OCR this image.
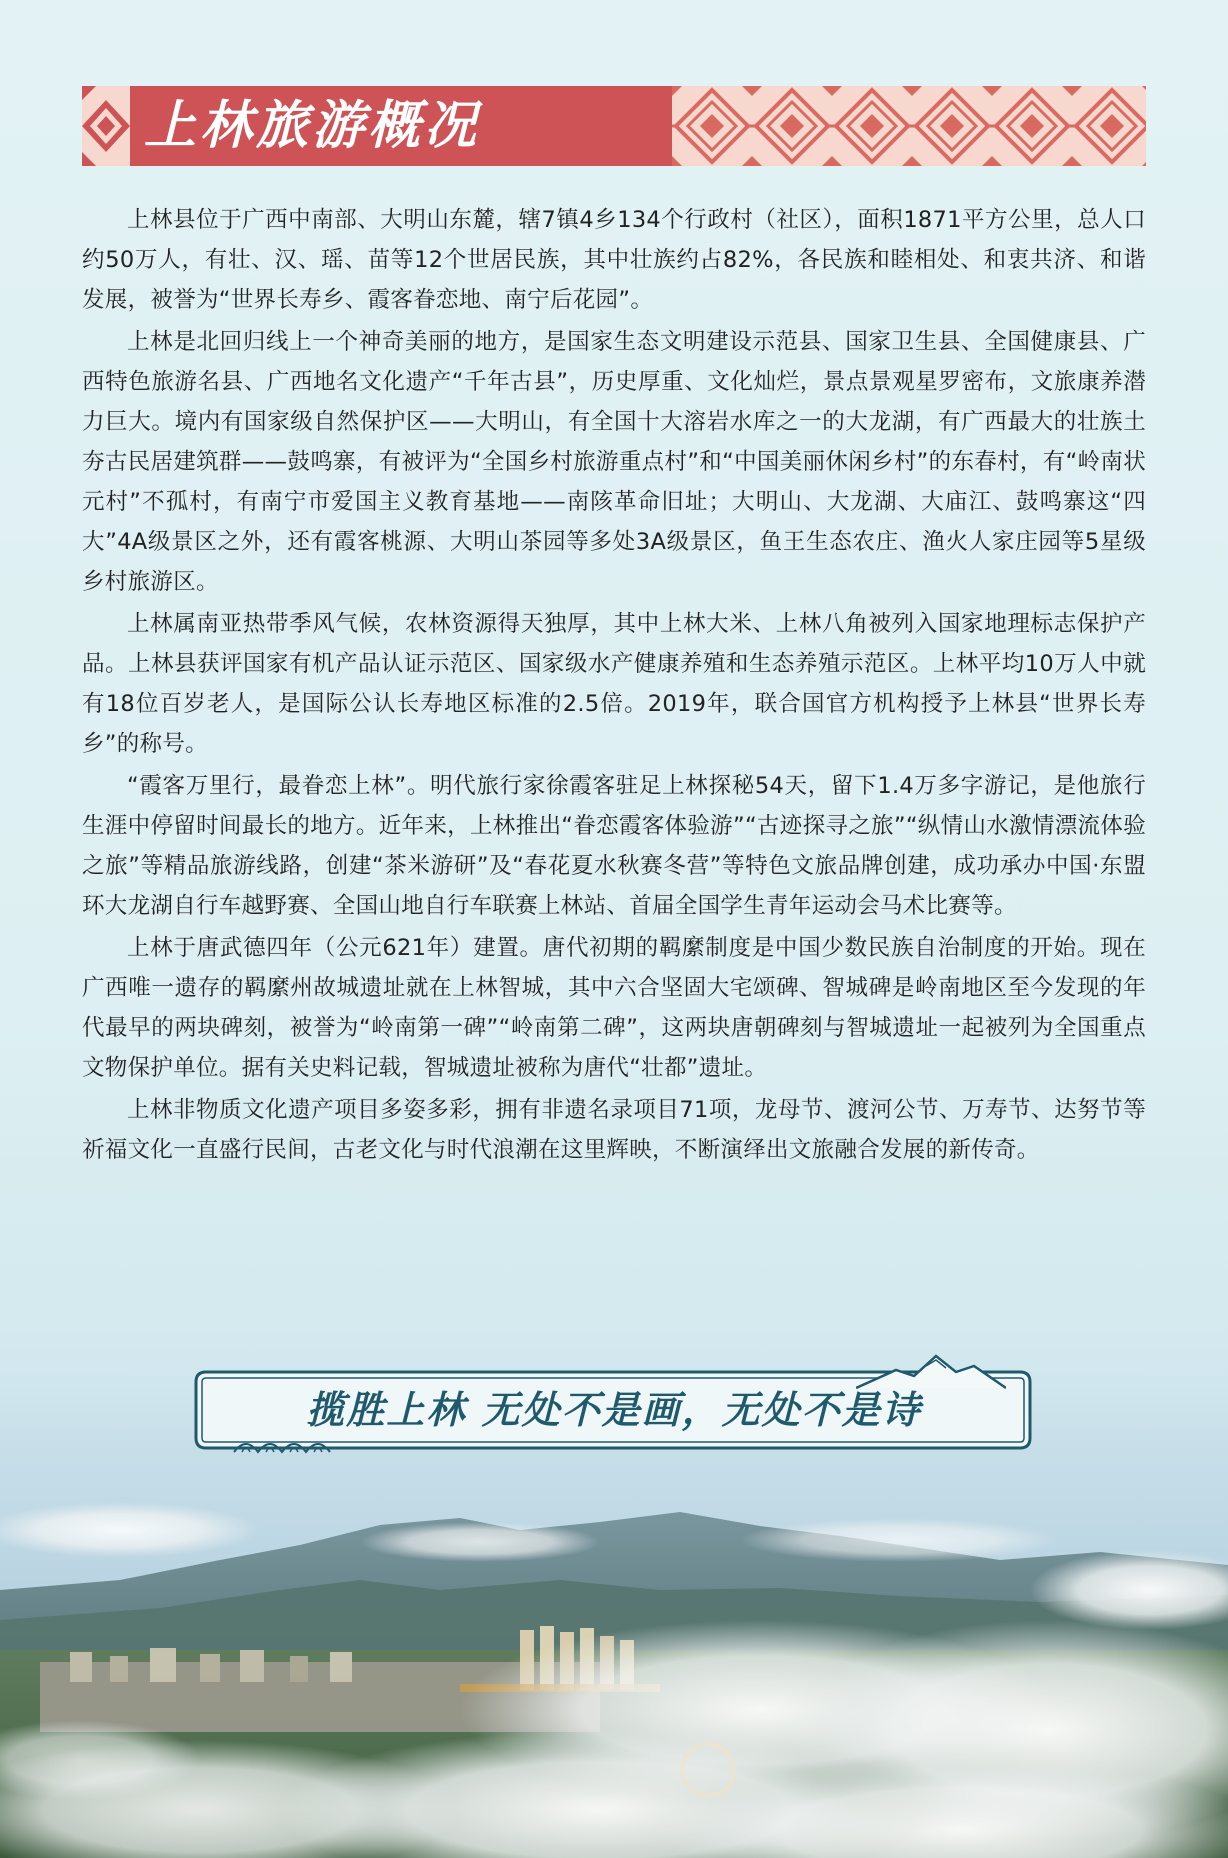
上林旅游概况

上林县位于广西中南部、大明山东麓，辖7镇4乡134个行政村（社区），面积1871平方公里，总人口约50万人，有壮、汉、瑶、苗等12个世居民族，其中壮族约占82%，各民族和睦相处、和衷共济、和谐发展，被誉为“世界长寿乡、霞客眷恋地、南宁后花园”。

上林是北回归线上一个神奇美丽的地方，是国家生态文明建设示范县、国家卫生县、全国健康县、广西特色旅游名县、广西地名文化遗产“千年古县”，历史厚重、文化灿烂，景点景观星罗密布，文旅康养潜力巨大。境内有国家级自然保护区——大明山，有全国十大溶岩水库之一的大龙湖，有广西最大的壮族土夯古民居建筑群——鼓鸣寨，有被评为“全国乡村旅游重点村”和“中国美丽休闲乡村”的东春村，有“岭南状元村”不孤村，有南宁市爱国主义教育基地——南陔革命旧址；大明山、大龙湖、大庙江、鼓鸣寨这“四大”4A级景区之外，还有霞客桃源、大明山茶园等多处3A级景区，鱼王生态农庄、渔火人家庄园等5星级乡村旅游区。

上林属南亚热带季风气候，农林资源得天独厚，其中上林大米、上林八角被列入国家地理标志保护产品。上林县获评国家有机产品认证示范区、国家级水产健康养殖和生态养殖示范区。上林平均10万人中就有18位百岁老人，是国际公认长寿地区标准的2.5倍。2019年，联合国官方机构授予上林县“世界长寿乡”的称号。

“霞客万里行，最眷恋上林”。明代旅行家徐霞客驻足上林探秘54天，留下1.4万多字游记，是他旅行生涯中停留时间最长的地方。近年来，上林推出“眷恋霞客体验游”“古迹探寻之旅”“纵情山水激情漂流体验之旅”等精品旅游线路，创建“茶米游研”及“春花夏水秋赛冬营”等特色文旅品牌创建，成功承办中国·东盟环大龙湖自行车越野赛、全国山地自行车联赛上林站、首届全国学生青年运动会马术比赛等。

上林于唐武德四年（公元621年）建置。唐代初期的羁縻制度是中国少数民族自治制度的开始。现在广西唯一遗存的羁縻州故城遗址就在上林智城，其中六合坚固大宅颂碑、智城碑是岭南地区至今发现的年代最早的两块碑刻，被誉为“岭南第一碑”“岭南第二碑”，这两块唐朝碑刻与智城遗址一起被列为全国重点文物保护单位。据有关史料记载，智城遗址被称为唐代“壮都”遗址。

上林非物质文化遗产项目多姿多彩，拥有非遗名录项目71项，龙母节、渡河公节、万寿节、达努节等祈福文化一直盛行民间，古老文化与时代浪潮在这里辉映，不断演绎出文旅融合发展的新传奇。

揽胜上林 无处不是画，无处不是诗
